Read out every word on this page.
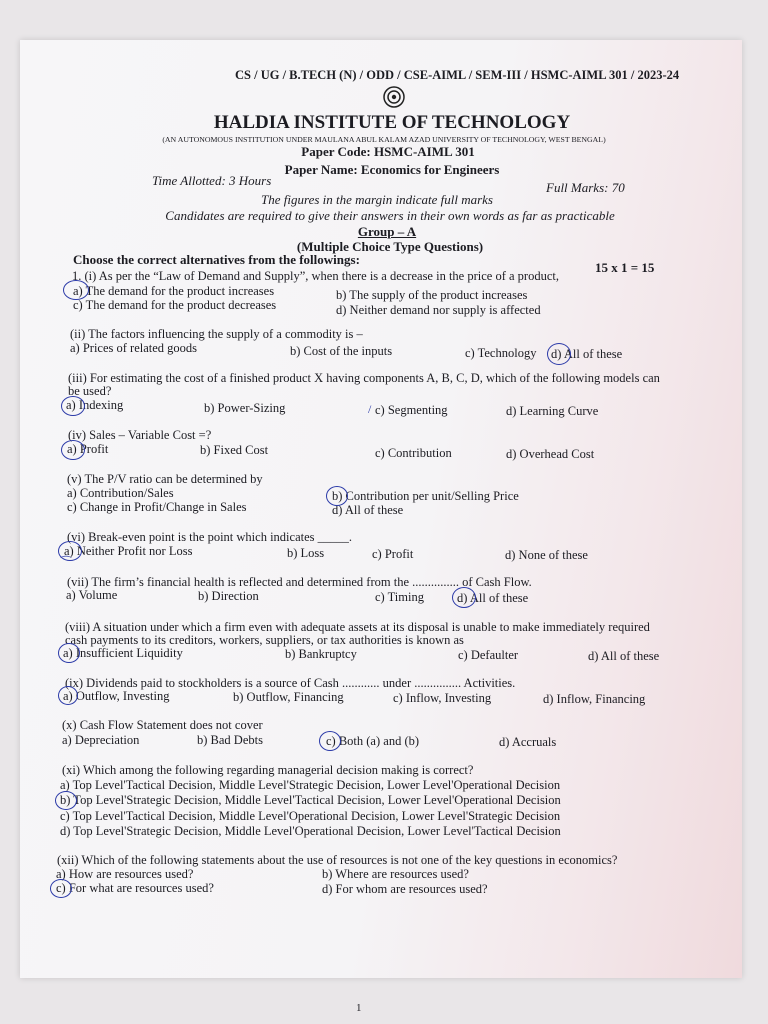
CS / UG / B.TECH (N) / ODD / CSE-AIML / SEM-III / HSMC-AIML 301 / 2023-24
HALDIA INSTITUTE OF TECHNOLOGY
(AN AUTONOMOUS INSTITUTION UNDER MAULANA ABUL KALAM AZAD UNIVERSITY OF TECHNOLOGY, WEST BENGAL)
Paper Code: HSMC-AIML 301
Paper Name: Economics for Engineers
Time Allotted: 3 Hours	Full Marks: 70
The figures in the margin indicate full marks
Candidates are required to give their answers in their own words as far as practicable
Group – A
(Multiple Choice Type Questions)
Choose the correct alternatives from the followings:
15 x 1 = 15
1. (i) As per the “Law of Demand and Supply”, when there is a decrease in the price of a product,
a) The demand for the product increases	b) The supply of the product increases
c) The demand for the product decreases	d) Neither demand nor supply is affected
(ii) The factors influencing the supply of a commodity is –
a) Prices of related goods	b) Cost of the inputs	c) Technology d) All of these
(iii) For estimating the cost of a finished product X having components A, B, C, D, which of the following models can
be used?
a) Indexing	b) Power-Sizing	c) Segmenting	d) Learning Curve
(iv) Sales – Variable Cost =?
a) Profit	b) Fixed Cost	c) Contribution	d) Overhead Cost
(v) The P/V ratio can be determined by
a) Contribution/Sales	b) Contribution per unit/Selling Price
c) Change in Profit/Change in Sales	d) All of these
(vi) Break-even point is the point which indicates _____.
a) Neither Profit nor Loss	b) Loss	c) Profit	d) None of these
(vii) The firm’s financial health is reflected and determined from the ............... of Cash Flow.
a) Volume	b) Direction	c) Timing	d) All of these
(viii) A situation under which a firm even with adequate assets at its disposal is unable to make immediately required
cash payments to its creditors, workers, suppliers, or tax authorities is known as
a) Insufficient Liquidity	b) Bankruptcy	c) Defaulter	d) All of these
(ix) Dividends paid to stockholders is a source of Cash ............ under ............... Activities.
a) Outflow, Investing	b) Outflow, Financing	c) Inflow, Investing	d) Inflow, Financing
(x) Cash Flow Statement does not cover
a) Depreciation	b) Bad Debts	c) Both (a) and (b)	d) Accruals
(xi) Which among the following regarding managerial decision making is correct?
a) Top Level'Tactical Decision, Middle Level'Strategic Decision, Lower Level'Operational Decision
b) Top Level'Strategic Decision, Middle Level'Tactical Decision, Lower Level'Operational Decision
c) Top Level'Tactical Decision, Middle Level'Operational Decision, Lower Level'Strategic Decision
d) Top Level'Strategic Decision, Middle Level'Operational Decision, Lower Level'Tactical Decision
(xii) Which of the following statements about the use of resources is not one of the key questions in economics?
a) How are resources used?	b) Where are resources used?
c) For what are resources used?	d) For whom are resources used?
/
⌒
1
